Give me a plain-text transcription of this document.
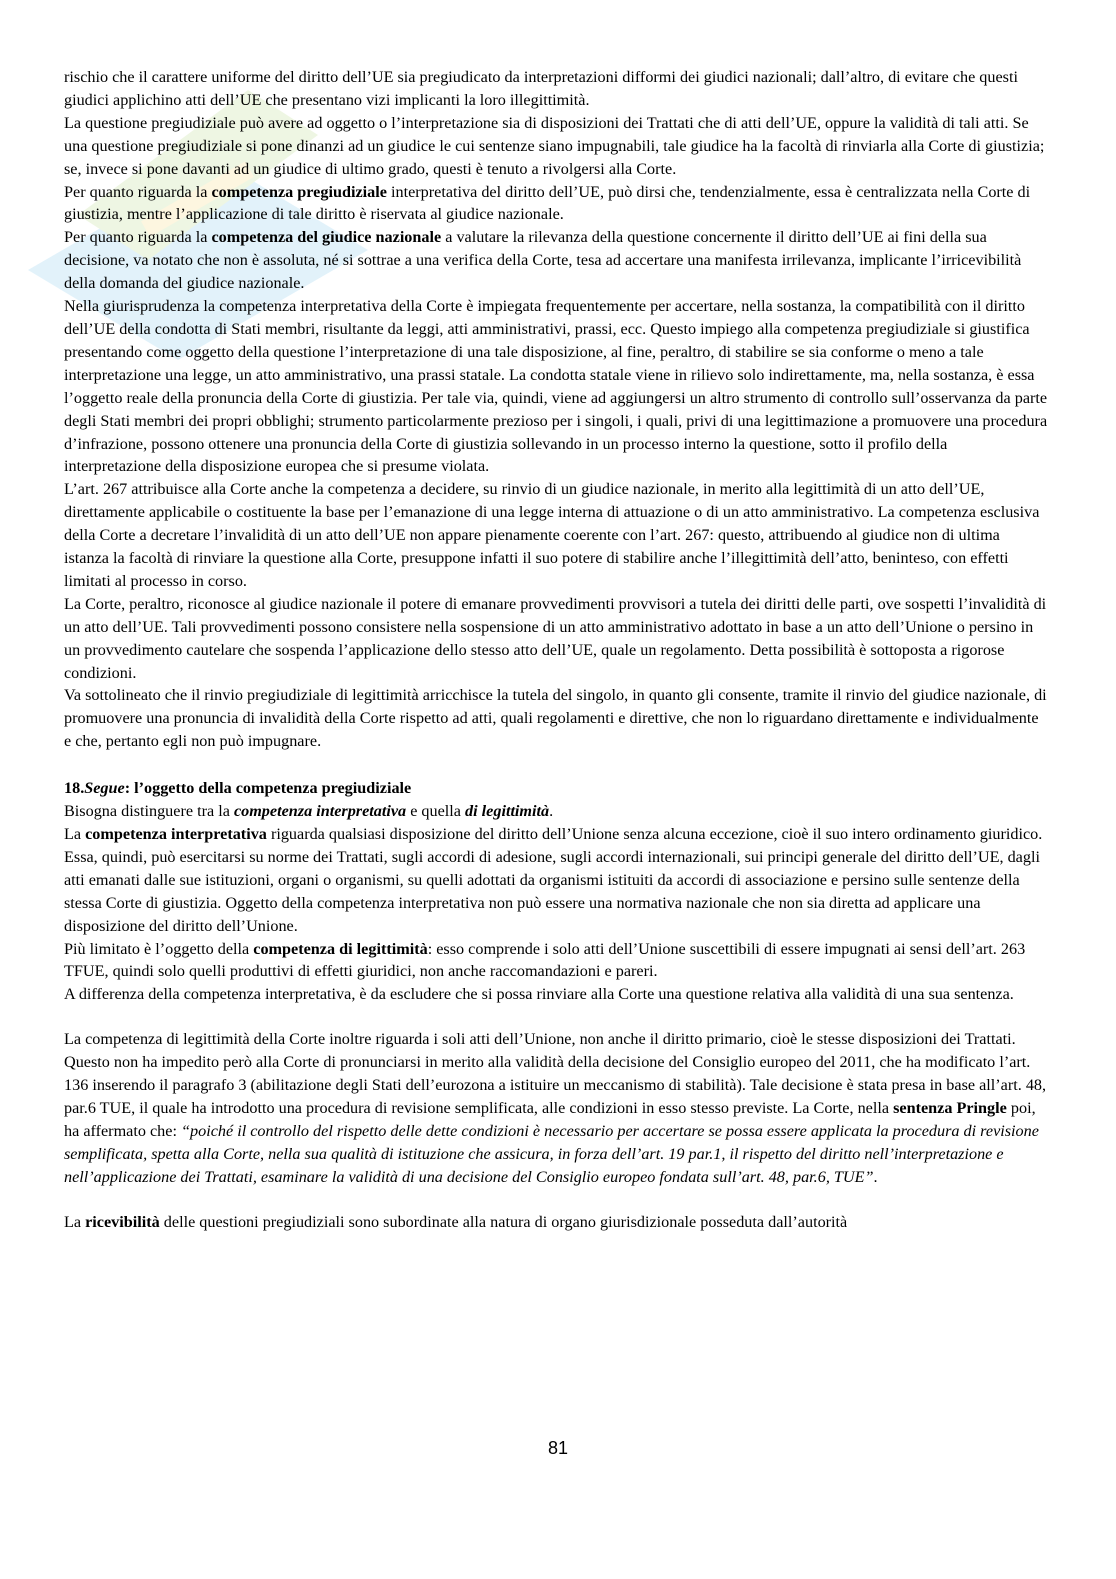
rischio che il carattere uniforme del diritto dell’UE sia pregiudicato da interpretazioni difformi dei giudici nazionali; dall’altro, di evitare che questi giudici applichino atti dell’UE che presentano vizi implicanti la loro illegittimità.

La questione pregiudiziale può avere ad oggetto o l’interpretazione sia di disposizioni dei Trattati che di atti dell’UE, oppure la validità di tali atti. Se una questione pregiudiziale si pone dinanzi ad un giudice le cui sentenze siano impugnabili, tale giudice ha la facoltà di rinviarla alla Corte di giustizia; se, invece si pone davanti ad un giudice di ultimo grado, questi è tenuto a rivolgersi alla Corte.

Per quanto riguarda la competenza pregiudiziale interpretativa del diritto dell’UE, può dirsi che, tendenzialmente, essa è centralizzata nella Corte di giustizia, mentre l’applicazione di tale diritto è riservata al giudice nazionale.

Per quanto riguarda la competenza del giudice nazionale a valutare la rilevanza della questione concernente il diritto dell’UE ai fini della sua decisione, va notato che non è assoluta, né si sottrae a una verifica della Corte, tesa ad accertare una manifesta irrilevanza, implicante l’irricevibilità della domanda del giudice nazionale.

Nella giurisprudenza la competenza interpretativa della Corte è impiegata frequentemente per accertare, nella sostanza, la compatibilità con il diritto dell’UE della condotta di Stati membri, risultante da leggi, atti amministrativi, prassi, ecc. Questo impiego alla competenza pregiudiziale si giustifica presentando come oggetto della questione l’interpretazione di una tale disposizione, al fine, peraltro, di stabilire se sia conforme o meno a tale interpretazione una legge, un atto amministrativo, una prassi statale. La condotta statale viene in rilievo solo indirettamente, ma, nella sostanza, è essa l’oggetto reale della pronuncia della Corte di giustizia. Per tale via, quindi, viene ad aggiungersi un altro strumento di controllo sull’osservanza da parte degli Stati membri dei propri obblighi; strumento particolarmente prezioso per i singoli, i quali, privi di una legittimazione a promuovere una procedura d’infrazione, possono ottenere una pronuncia della Corte di giustizia sollevando in un processo interno la questione, sotto il profilo della interpretazione della disposizione europea che si presume violata.

L’art. 267 attribuisce alla Corte anche la competenza a decidere, su rinvio di un giudice nazionale, in merito alla legittimità di un atto dell’UE, direttamente applicabile o costituente la base per l’emanazione di una legge interna di attuazione o di un atto amministrativo. La competenza esclusiva della Corte a decretare l’invalidità di un atto dell’UE non appare pienamente coerente con l’art. 267: questo, attribuendo al giudice non di ultima istanza la facoltà di rinviare la questione alla Corte, presuppone infatti il suo potere di stabilire anche l’illegittimità dell’atto, beninteso, con effetti limitati al processo in corso.

La Corte, peraltro, riconosce al giudice nazionale il potere di emanare provvedimenti provvisori a tutela dei diritti delle parti, ove sospetti l’invalidità di un atto dell’UE. Tali provvedimenti possono consistere nella sospensione di un atto amministrativo adottato in base a un atto dell’Unione o persino in un provvedimento cautelare che sospenda l’applicazione dello stesso atto dell’UE, quale un regolamento. Detta possibilità è sottoposta a rigorose condizioni.

Va sottolineato che il rinvio pregiudiziale di legittimità arricchisce la tutela del singolo, in quanto gli consente, tramite il rinvio del giudice nazionale, di promuovere una pronuncia di invalidità della Corte rispetto ad atti, quali regolamenti e direttive, che non lo riguardano direttamente e individualmente e che, pertanto egli non può impugnare.

18.Segue: l’oggetto della competenza pregiudiziale

Bisogna distinguere tra la competenza interpretativa e quella di legittimità.

La competenza interpretativa riguarda qualsiasi disposizione del diritto dell’Unione senza alcuna eccezione, cioè il suo intero ordinamento giuridico. Essa, quindi, può esercitarsi su norme dei Trattati, sugli accordi di adesione, sugli accordi internazionali, sui principi generale del diritto dell’UE, dagli atti emanati dalle sue istituzioni, organi o organismi, su quelli adottati da organismi istituiti da accordi di associazione e persino sulle sentenze della stessa Corte di giustizia. Oggetto della competenza interpretativa non può essere una normativa nazionale che non sia diretta ad applicare una disposizione del diritto dell’Unione.

Più limitato è l’oggetto della competenza di legittimità: esso comprende i solo atti dell’Unione suscettibili di essere impugnati ai sensi dell’art. 263 TFUE, quindi solo quelli produttivi di effetti giuridici, non anche raccomandazioni e pareri.

A differenza della competenza interpretativa, è da escludere che si possa rinviare alla Corte una questione relativa alla validità di una sua sentenza.

La competenza di legittimità della Corte inoltre riguarda i soli atti dell’Unione, non anche il diritto primario, cioè le stesse disposizioni dei Trattati. Questo non ha impedito però alla Corte di pronunciarsi in merito alla validità della decisione del Consiglio europeo del 2011, che ha modificato l’art. 136 inserendo il paragrafo 3 (abilitazione degli Stati dell’eurozona a istituire un meccanismo di stabilità). Tale decisione è stata presa in base all’art. 48, par.6 TUE, il quale ha introdotto una procedura di revisione semplificata, alle condizioni in esso stesso previste. La Corte, nella sentenza Pringle poi, ha affermato che: “poiché il controllo del rispetto delle dette condizioni è necessario per accertare se possa essere applicata la procedura di revisione semplificata, spetta alla Corte, nella sua qualità di istituzione che assicura, in forza dell’art. 19 par.1, il rispetto del diritto nell’interpretazione e nell’applicazione dei Trattati, esaminare la validità di una decisione del Consiglio europeo fondata sull’art. 48, par.6, TUE”.

La ricevibilità delle questioni pregiudiziali sono subordinate alla natura di organo giurisdizionale posseduta dall’autorità

81
